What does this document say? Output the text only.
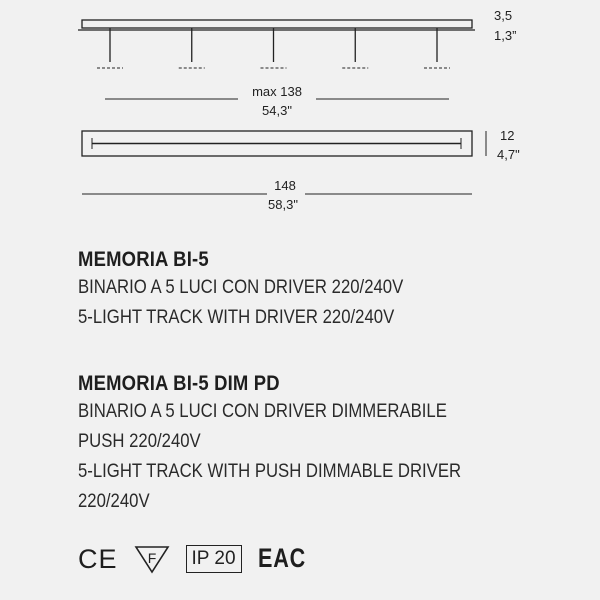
3,5
1,3”
max 138
54,3"
12
4,7"
148
58,3"
MEMORIA BI-5
BINARIO A 5 LUCI CON DRIVER 220/240V
5-LIGHT TRACK WITH DRIVER 220/240V
MEMORIA BI-5 DIM PD
BINARIO A 5 LUCI CON DRIVER DIMMERABILE
PUSH 220/240V
5-LIGHT TRACK WITH PUSH DIMMABLE DRIVER
220/240V
CE F IP 20 EAC
